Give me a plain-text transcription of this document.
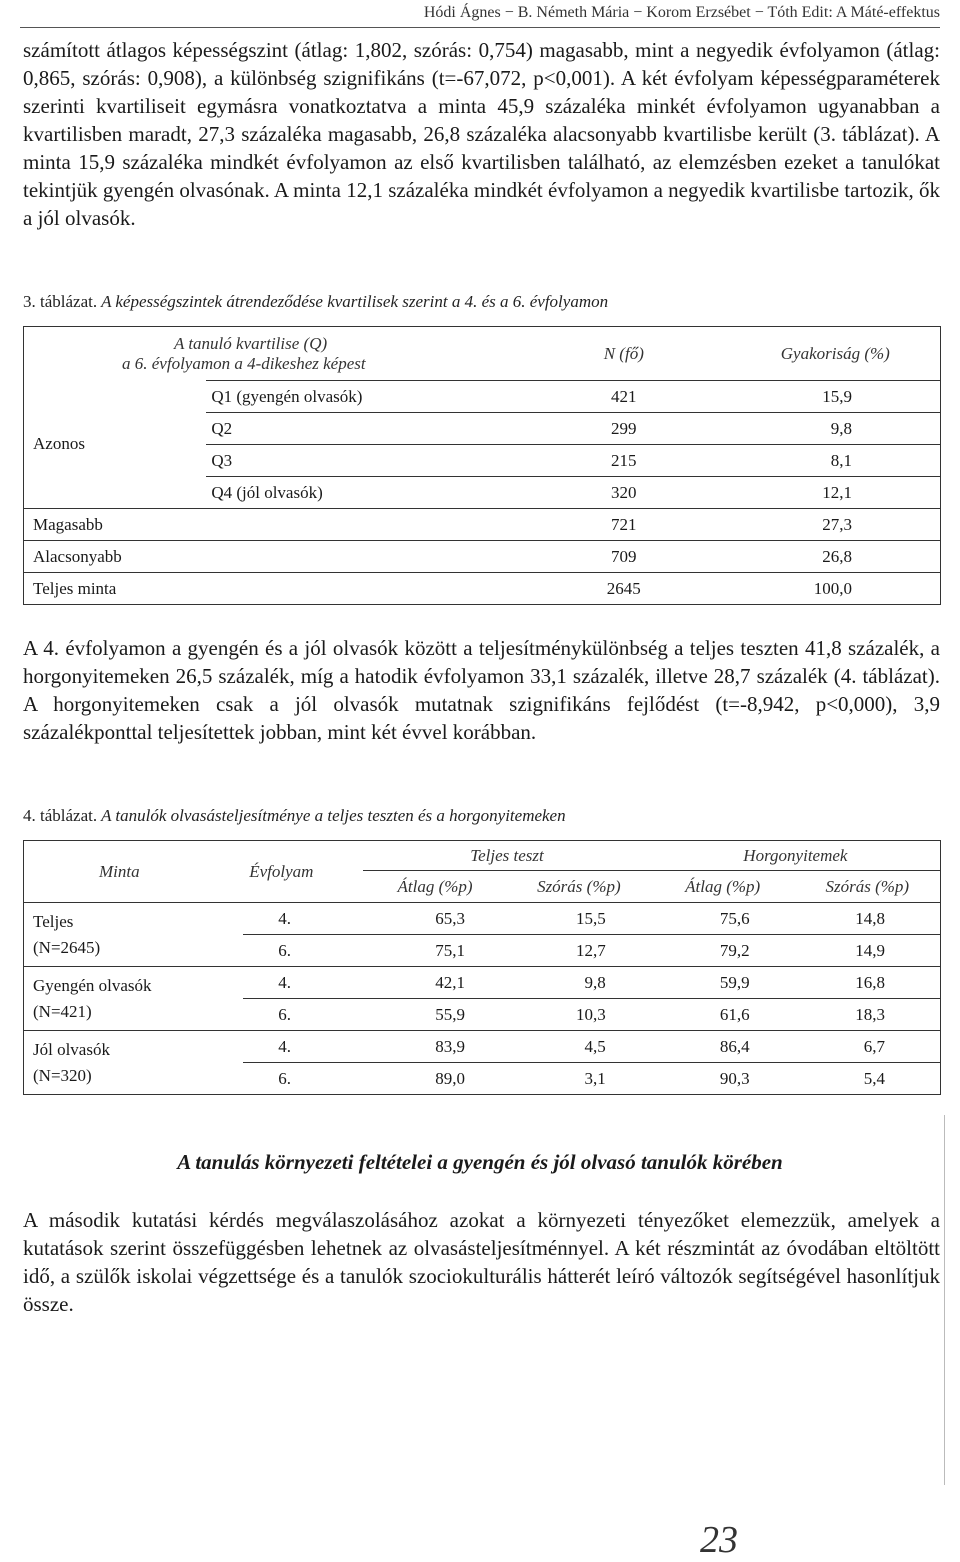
Hódi Ágnes − B. Németh Mária − Korom Erzsébet − Tóth Edit: A Máté-effektus

számított átlagos képességszint (átlag: 1,802, szórás: 0,754) magasabb, mint a negyedik évfolyamon (átlag: 0,865, szórás: 0,908), a különbség szignifikáns (t=-67,072, p<0,001). A két évfolyam képességparaméterek szerinti kvartiliseit egymásra vonatkoztatva a minta 45,9 százaléka minkét évfolyamon ugyanabban a kvartilisben maradt, 27,3 százaléka magasabb, 26,8 százaléka alacsonyabb kvartilisbe került (3. táblázat). A minta 15,9 százaléka mindkét évfolyamon az első kvartilisben található, az elemzésben ezeket a tanulókat tekintjük gyengén olvasónak. A minta 12,1 százaléka mindkét évfolyamon a negyedik kvartilisbe tartozik, ők a jól olvasók.

3. táblázat. A képességszintek átrendeződése kvartilisek szerint a 4. és a 6. évfolyamon
A tanuló kvartilise (Q)
a 6. évfolyamon a 4-dikeshez képest		N (fő)	Gyakoriság (%)
Azonos	Q1 (gyengén olvasók)	421	15,9
	Q2	299	9,8
	Q3	215	8,1
	Q4 (jól olvasók)	320	12,1
Magasabb		721	27,3
Alacsonyabb		709	26,8
Teljes minta		2645	100,0

A 4. évfolyamon a gyengén és a jól olvasók között a teljesítménykülönbség a teljes teszten 41,8 százalék, a horgonyitemeken 26,5 százalék, míg a hatodik évfolyamon 33,1 százalék, illetve 28,7 százalék (4. táblázat). A horgonyitemeken csak a jól olvasók mutatnak szignifikáns fejlődést (t=-8,942, p<0,000), 3,9 százalékponttal teljesítettek jobban, mint két évvel korábban.

4. táblázat. A tanulók olvasásteljesítménye a teljes teszten és a horgonyitemeken
Minta	Évfolyam	Teljes teszt		Horgonyitemek	
		Átlag (%p)	Szórás (%p)	Átlag (%p)	Szórás (%p)

Teljes
(N=2645)	4.	65,3	15,5	75,6	14,8
	6.	75,1	12,7	79,2	14,9

Gyengén olvasók
(N=421)	4.	42,1	9,8	59,9	16,8
	6.	55,9	10,3	61,6	18,3

Jól olvasók
(N=320)	4.	83,9	4,5	86,4	6,7
	6.	89,0	3,1	90,3	5,4
A tanulás környezeti feltételei a gyengén és jól olvasó tanulók körében

A második kutatási kérdés megválaszolásához azokat a környezeti tényezőket elemezzük, amelyek a kutatások szerint összefüggésben lehetnek az olvasásteljesítménnyel. A két részmintát az óvodában eltöltött idő, a szülők iskolai végzettsége és a tanulók szociokulturális hátterét leíró változók segítségével hasonlítjuk össze.

23
